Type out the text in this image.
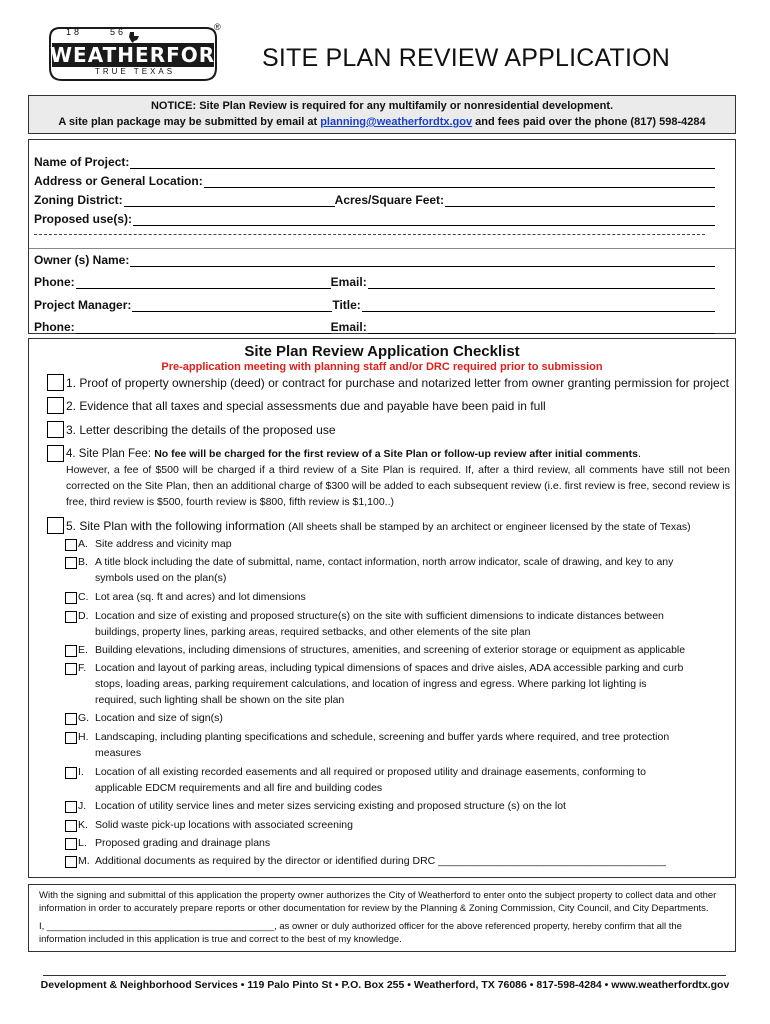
18	56
WEATHERFORD
TRUE TEXAS
®
SITE PLAN REVIEW APPLICATION
NOTICE: Site Plan Review is required for any multifamily or nonresidential development.
A site plan package may be submitted by email at planning@weatherfordtx.gov and fees paid over the phone (817) 598-4284
Name of Project:
Address or General Location:
Zoning District:	Acres/Square Feet:
Proposed use(s):
Owner (s) Name:
Phone:	Email:
Project Manager:	Title:
Phone:	Email:
Site Plan Review Application Checklist
Pre-application meeting with planning staff and/or DRC required prior to submission
1. Proof of property ownership (deed) or contract for purchase and notarized letter from owner granting permission for project
2. Evidence that all taxes and special assessments due and payable have been paid in full
3. Letter describing the details of the proposed use
4. Site Plan Fee: No fee will be charged for the first review of a Site Plan or follow-up review after initial comments.
However, a fee of $500 will be charged if a third review of a Site Plan is required. If, after a third review, all comments have still not been corrected on the Site Plan, then an additional charge of $300 will be added to each subsequent review (i.e. first review is free, second review is free, third review is $500, fourth review is $800, fifth review is $1,100..)
5. Site Plan with the following information (All sheets shall be stamped by an architect or engineer licensed by the state of Texas)
A. Site address and vicinity map
B. A title block including the date of submittal, name, contact information, north arrow indicator, scale of drawing, and key to any
symbols used on the plan(s)
C. Lot area (sq. ft and acres) and lot dimensions
D. Location and size of existing and proposed structure(s) on the site with sufficient dimensions to indicate distances between
buildings, property lines, parking areas, required setbacks, and other elements of the site plan
E. Building elevations, including dimensions of structures, amenities, and screening of exterior storage or equipment as applicable
F. Location and layout of parking areas, including typical dimensions of spaces and drive aisles, ADA accessible parking and curb
stops, loading areas, parking requirement calculations, and location of ingress and egress. Where parking lot lighting is
required, such lighting shall be shown on the site plan
G. Location and size of sign(s)
H. Landscaping, including planting specifications and schedule, screening and buffer yards where required, and tree protection
measures
I. Location of all existing recorded easements and all required or proposed utility and drainage easements, conforming to
applicable EDCM requirements and all fire and building codes
J. Location of utility service lines and meter sizes servicing existing and proposed structure (s) on the lot
K. Solid waste pick-up locations with associated screening
L. Proposed grading and drainage plans
M. Additional documents as required by the director or identified during DRC _______________________________________

With the signing and submittal of this application the property owner authorizes the City of Weatherford to enter onto the subject property to collect data and other information in order to accurately prepare reports or other documentation for review by the Planning & Zoning Commission, City Council, and City Departments.

I, ___________________________________________, as owner or duly authorized officer for the above referenced property, hereby confirm that all the information included in this application is true and correct to the best of my knowledge.

Development & Neighborhood Services • 119 Palo Pinto St • P.O. Box 255 • Weatherford, TX 76086 • 817-598-4284 • www.weatherfordtx.gov
